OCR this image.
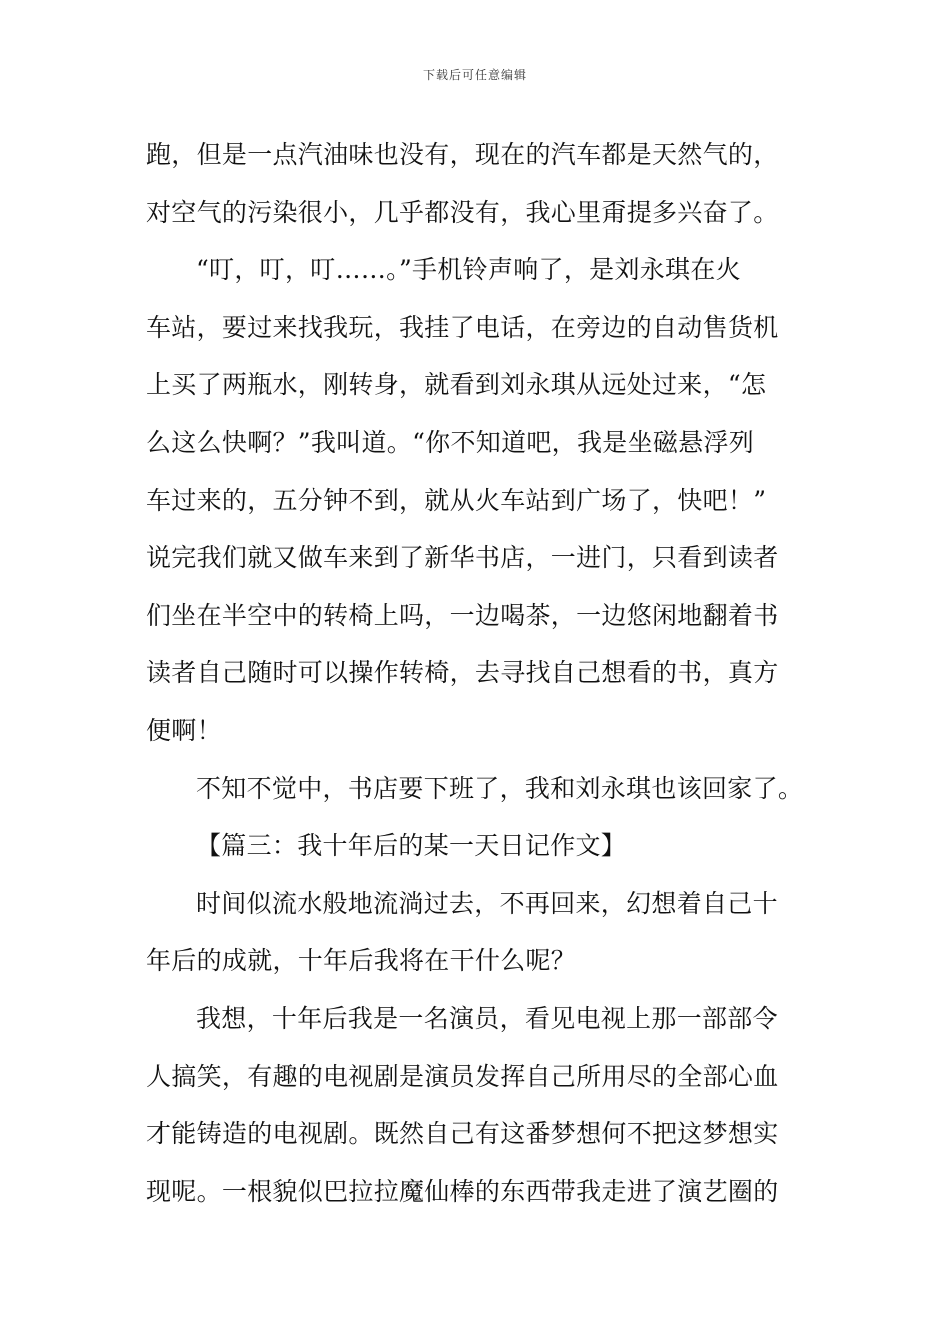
下载后可任意编辑
跑，但是一点汽油味也没有，现在的汽车都是天然气的，
对空气的污染很小，几乎都没有，我心里甭提多兴奋了。
“叮，叮，叮……。”手机铃声响了，是刘永琪在火
车站，要过来找我玩，我挂了电话，在旁边的自动售货机
上买了两瓶水，刚转身，就看到刘永琪从远处过来，“怎
么这么快啊？”我叫道。“你不知道吧，我是坐磁悬浮列
车过来的，五分钟不到，就从火车站到广场了，快吧！”
说完我们就又做车来到了新华书店，一进门，只看到读者
们坐在半空中的转椅上吗，一边喝茶，一边悠闲地翻着书
读者自己随时可以操作转椅，去寻找自己想看的书，真方
便啊！
不知不觉中，书店要下班了，我和刘永琪也该回家了。
【篇三：我十年后的某一天日记作文】
时间似流水般地流淌过去，不再回来，幻想着自己十
年后的成就，十年后我将在干什么呢？
我想，十年后我是一名演员，看见电视上那一部部令
人搞笑，有趣的电视剧是演员发挥自己所用尽的全部心血
才能铸造的电视剧。既然自己有这番梦想何不把这梦想实
现呢。一根貌似巴拉拉魔仙棒的东西带我走进了演艺圈的
